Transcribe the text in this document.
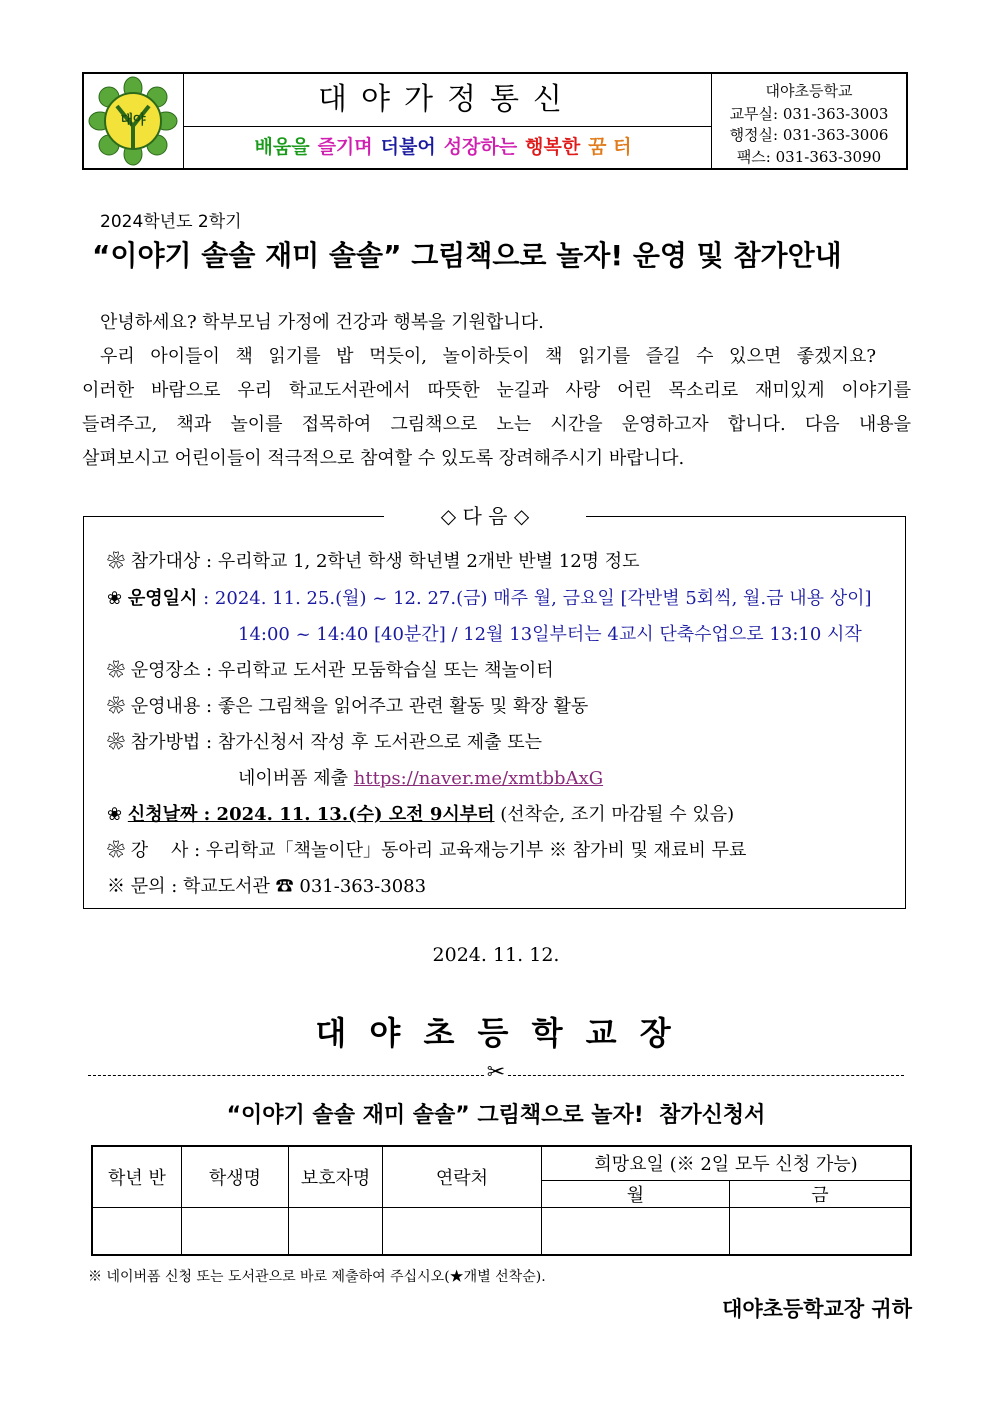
대야
대야가정통신
배움을 즐기며 더불어 성장하는 행복한 꿈 터
대야초등학교
교무실: 031-363-3003
행정실: 031-363-3006
팩스: 031-363-3090
2024학년도 2학기
“이야기 솔솔 재미 솔솔” 그림책으로 놀자! 운영 및 참가안내
안녕하세요? 학부모님 가정에 건강과 행복을 기원합니다.
우리 아이들이 책 읽기를 밥 먹듯이, 놀이하듯이 책 읽기를 즐길 수 있으면 좋겠지요?
이러한 바람으로 우리 학교도서관에서 따뜻한 눈길과 사랑 어린 목소리로 재미있게 이야기를
들려주고, 책과 놀이를 접목하여 그림책으로 노는 시간을 운영하고자 합니다. 다음 내용을
살펴보시고 어린이들이 적극적으로 참여할 수 있도록 장려해주시기 바랍니다.
◇ 다 음 ◇
❀ 참가대상 : 우리학교 1, 2학년 학생 학년별 2개반 반별 12명 정도
❀ 운영일시 : 2024. 11. 25.(월) ~ 12. 27.(금) 매주 월, 금요일 [각반별 5회씩, 월.금 내용 상이]
14:00 ~ 14:40 [40분간] / 12월 13일부터는 4교시 단축수업으로 13:10 시작
❀ 운영장소 : 우리학교 도서관 모둠학습실 또는 책놀이터
❀ 운영내용 : 좋은 그림책을 읽어주고 관련 활동 및 확장 활동
❀ 참가방법 : 참가신청서 작성 후 도서관으로 제출 또는
네이버폼 제출 https://naver.me/xmtbbAxG
❀ 신청날짜 : 2024. 11. 13.(수) 오전 9시부터 (선착순, 조기 마감될 수 있음)
❀ 강    사 : 우리학교「책놀이단」동아리 교육재능기부 ※ 참가비 및 재료비 무료
※ 문의 : 학교도서관 ☎ 031-363-3083
2024. 11. 12.
대 야 초 등 학 교 장
✂
“이야기 솔솔 재미 솔솔” 그림책으로 놀자!  참가신청서
학년 반	학생명	보호자명	연락처	희망요일 (※ 2일 모두 신청 가능)	
				월	금

※ 네이버폼 신청 또는 도서관으로 바로 제출하여 주십시오(★개별 선착순).
대야초등학교장 귀하
